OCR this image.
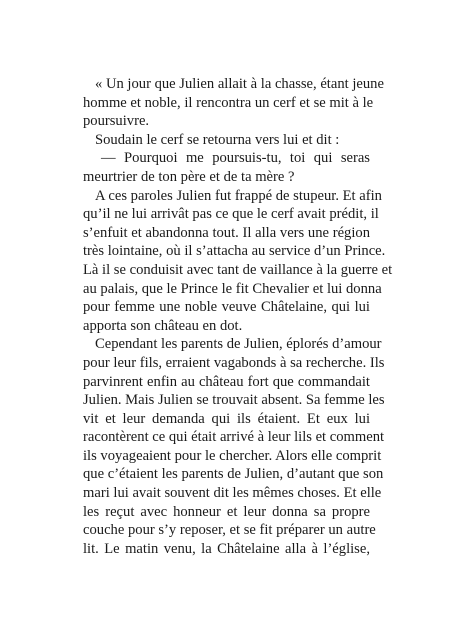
« Un jour que Julien allait à la chasse, étant jeune
homme et noble, il rencontra un cerf et se mit à le
poursuivre.
Soudain le cerf se retourna vers lui et dit :
— Pourquoi me poursuis-tu, toi qui seras
meurtrier de ton père et de ta mère ?
A ces paroles Julien fut frappé de stupeur. Et afin
qu’il ne lui arrivât pas ce que le cerf avait prédit, il
s’enfuit et abandonna tout. Il alla vers une région
très lointaine, où il s’attacha au service d’un Prince.
Là il se conduisit avec tant de vaillance à la guerre et
au palais, que le Prince le fit Chevalier et lui donna
pour femme une noble veuve Châtelaine, qui lui
apporta son château en dot.
Cependant les parents de Julien, éplorés d’amour
pour leur fils, erraient vagabonds à sa recherche. Ils
parvinrent enfin au château fort que commandait
Julien. Mais Julien se trouvait absent. Sa femme les
vit et leur demanda qui ils étaient. Et eux lui
racontèrent ce qui était arrivé à leur lils et comment
ils voyageaient pour le chercher. Alors elle comprit
que c’étaient les parents de Julien, d’autant que son
mari lui avait souvent dit les mêmes choses. Et elle
les reçut avec honneur et leur donna sa propre
couche pour s’y reposer, et se fit préparer un autre
lit. Le matin venu, la Châtelaine alla à l’église,
